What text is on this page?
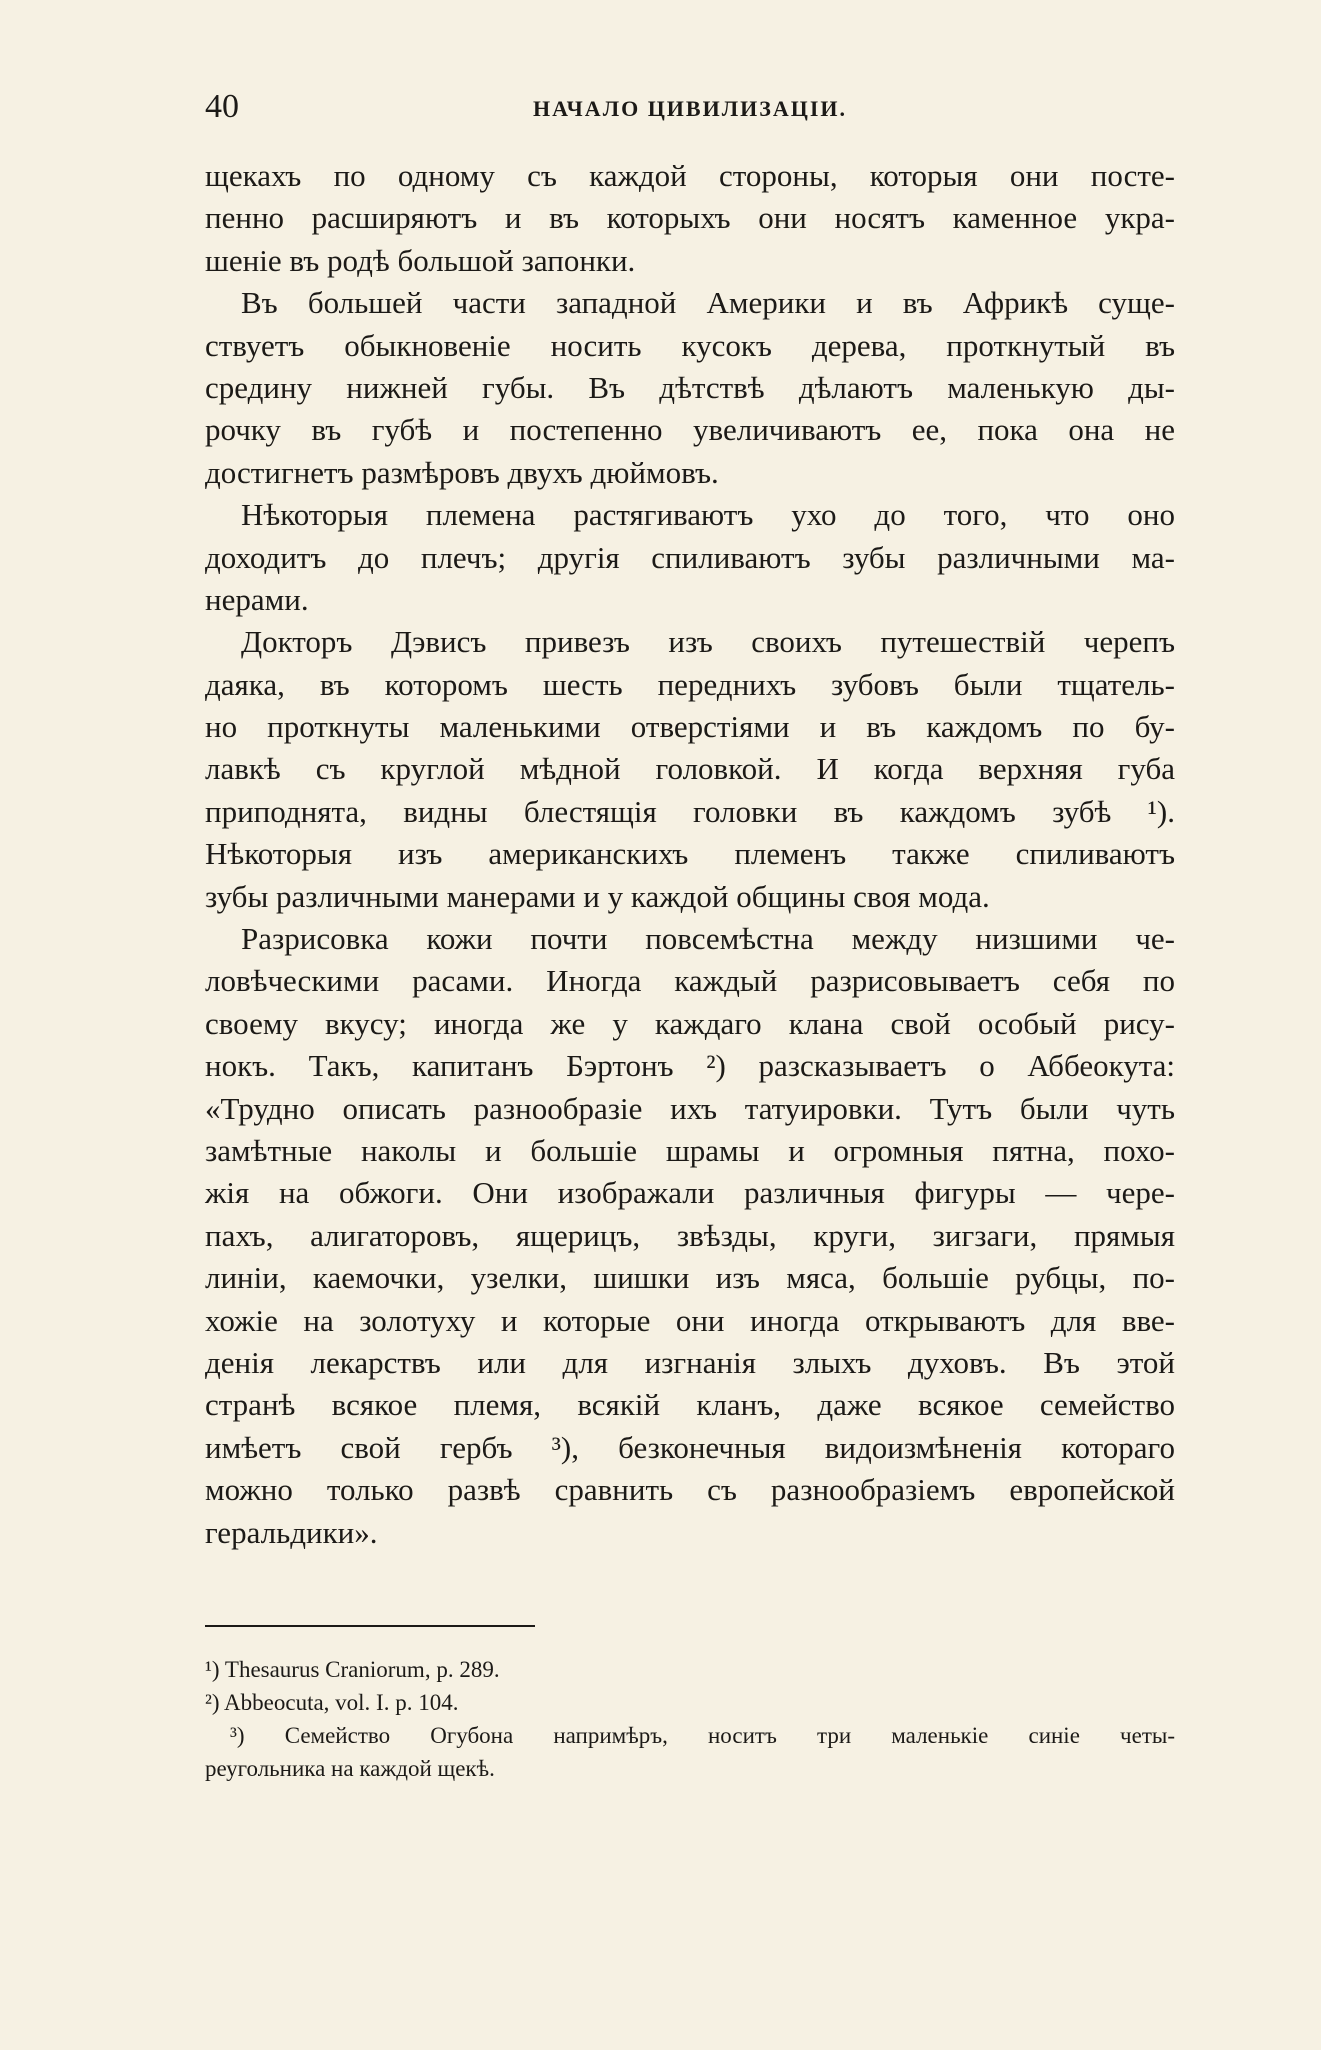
40	НАЧАЛО ЦИВИЛИЗАЦІИ.
щекахъ по одному съ каждой стороны, которыя они посте-
пенно расширяютъ и въ которыхъ они носятъ каменное укра-
шеніе въ родѣ большой запонки.
Въ большей части западной Америки и въ Африкѣ суще-
ствуетъ обыкновеніе носить кусокъ дерева, проткнутый въ
средину нижней губы. Въ дѣтствѣ дѣлаютъ маленькую ды-
рочку въ губѣ и постепенно увеличиваютъ ее, пока она не
достигнетъ размѣровъ двухъ дюймовъ.
Нѣкоторыя племена растягиваютъ ухо до того, что оно
доходитъ до плечъ; другія спиливаютъ зубы различными ма-
нерами.
Докторъ Дэвисъ привезъ изъ своихъ путешествій черепъ
даяка, въ которомъ шесть переднихъ зубовъ были тщатель-
но проткнуты маленькими отверстіями и въ каждомъ по бу-
лавкѣ съ круглой мѣдной головкой. И когда верхняя губа
приподнята, видны блестящія головки въ каждомъ зубѣ ¹).
Нѣкоторыя изъ американскихъ племенъ также спиливаютъ
зубы различными манерами и у каждой общины своя мода.
Разрисовка кожи почти повсемѣстна между низшими че-
ловѣческими расами. Иногда каждый разрисовываетъ себя по
своему вкусу; иногда же у каждаго клана свой особый рису-
нокъ. Такъ, капитанъ Бэртонъ ²) разсказываетъ о Аббеокута:
«Трудно описать разнообразіе ихъ татуировки. Тутъ были чуть
замѣтные наколы и большіе шрамы и огромныя пятна, похо-
жія на обжоги. Они изображали различныя фигуры — чере-
пахъ, алигаторовъ, ящерицъ, звѣзды, круги, зигзаги, прямыя
линіи, каемочки, узелки, шишки изъ мяса, большіе рубцы, по-
хожіе на золотуху и которые они иногда открываютъ для вве-
денія лекарствъ или для изгнанія злыхъ духовъ. Въ этой
странѣ всякое племя, всякій кланъ, даже всякое семейство
имѣетъ свой гербъ ³), безконечныя видоизмѣненія котораго
можно только развѣ сравнить съ разнообразіемъ европейской
геральдики».
¹) Thesaurus Craniorum, p. 289.
²) Abbeocuta, vol. I. p. 104.
³) Семейство Огубона напримѣръ, носитъ три маленькіе синіе четы-
реугольника на каждой щекѣ.
